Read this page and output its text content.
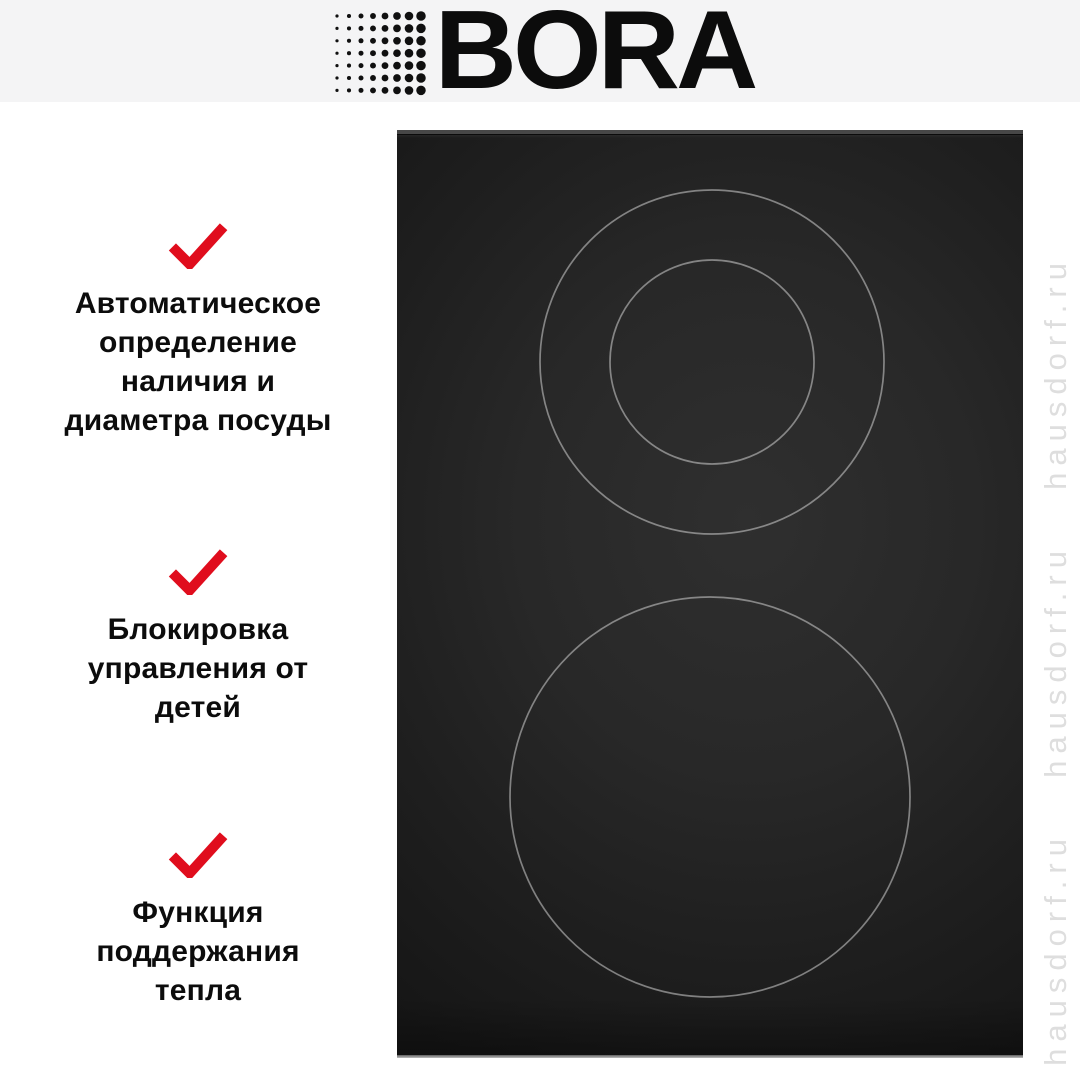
BORA
Автоматическое
определение
наличия и
диаметра посуды
Блокировка
управления от
детей
Функция
поддержания
тепла
hausdorf.ru
hausdorf.ru
hausdorf.ru
